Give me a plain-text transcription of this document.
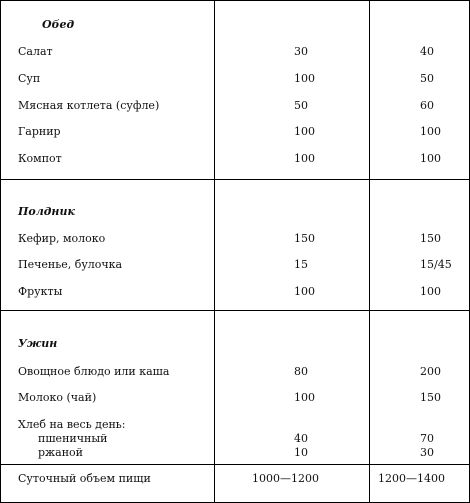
Обед
Салат	30	40
Суп	100	50
Мясная котлета (суфле)	50	60
Гарнир	100	100
Компот	100	100
Полдник
Кефир, молоко	150	150
Печенье, булочка	15	15/45
Фрукты	100	100
Ужин
Овощное блюдо или каша	80	200
Молоко (чай)	100	150
Хлеб на весь день:
пшеничный	40	70
ржаной	10	30
Суточный объем пищи	1000—1200	1200—1400
